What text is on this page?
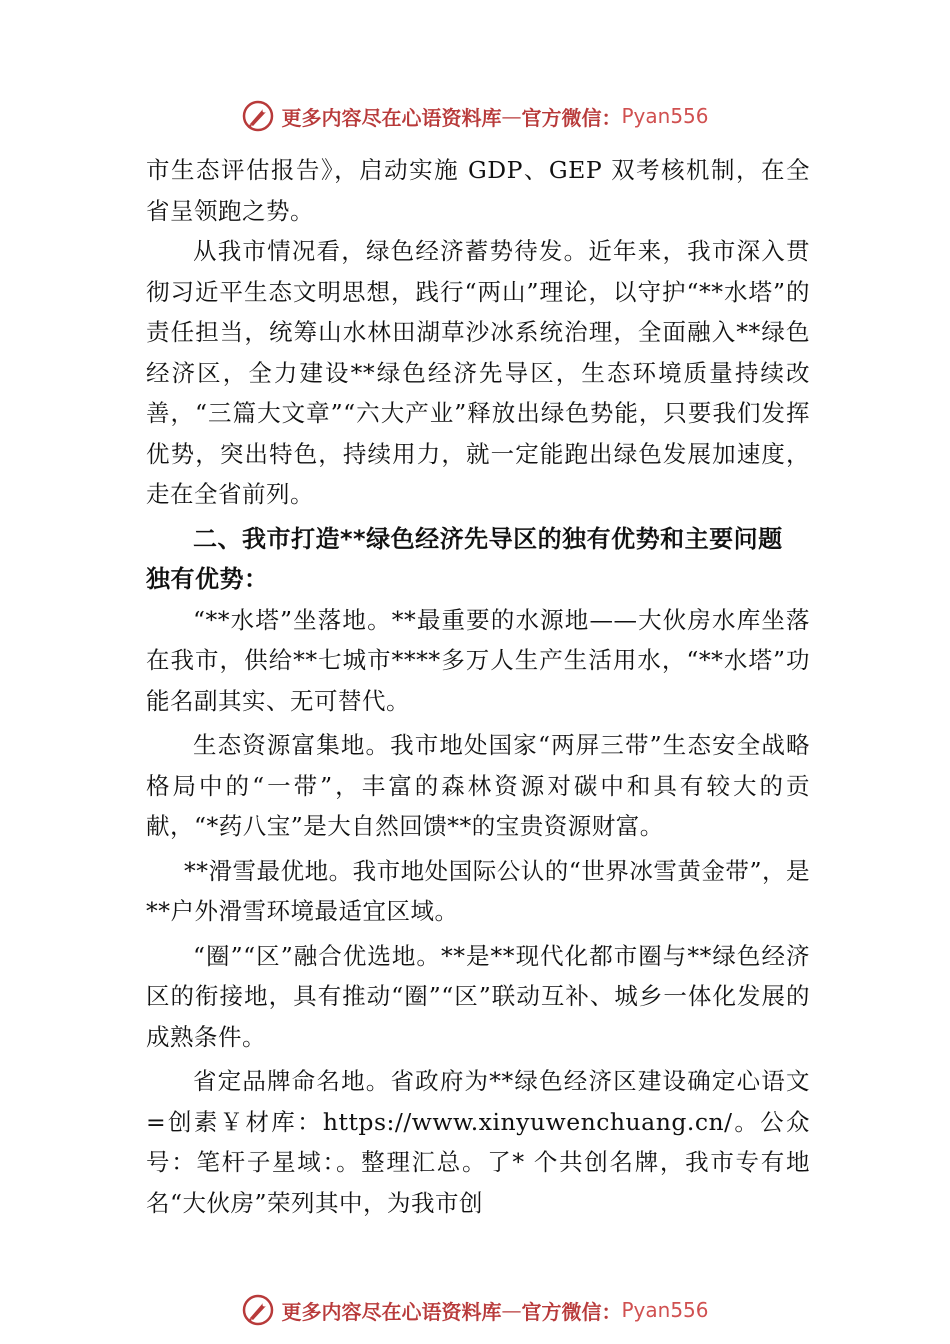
更多内容尽在心语资料库 — 官方微信： Pyan556

市生态评估报告》，启动实施 GDP、GEP 双考核机制，在全省呈领跑之势。

从我市情况看，绿色经济蓄势待发。近年来，我市深入贯彻习近平生态文明思想，践行“两山”理论，以守护“**水塔”的责任担当，统筹山水林田湖草沙冰系统治理，全面融入**绿色经济区，全力建设**绿色经济先导区，生态环境质量持续改善，“三篇大文章”“六大产业”释放出绿色势能，只要我们发挥优势，突出特色，持续用力，就一定能跑出绿色发展加速度，走在全省前列。

二、我市打造**绿色经济先导区的独有优势和主要问题

独有优势：

“**水塔”坐落地。**最重要的水源地——大伙房水库坐落在我市，供给**七城市****多万人生产生活用水，“**水塔”功能名副其实、无可替代。

生态资源富集地。我市地处国家“两屏三带”生态安全战略格局中的“一带”，丰富的森林资源对碳中和具有较大的贡献，“*药八宝”是大自然回馈**的宝贵资源财富。

**滑雪最优地。我市地处国际公认的“世界冰雪黄金带”，是**户外滑雪环境最适宜区域。

“圈”“区”融合优选地。**是**现代化都市圈与**绿色经济区的衔接地，具有推动“圈”“区”联动互补、城乡一体化发展的成熟条件。

省定品牌命名地。省政府为**绿色经济区建设确定心语文=创素￥材库：https://www.xinyuwenchuang.cn/。公众号：笔杆子星域：。整理汇总。了* 个共创名牌，我市专有地名“大伙房”荣列其中，为我市创

更多内容尽在心语资料库 — 官方微信： Pyan556
